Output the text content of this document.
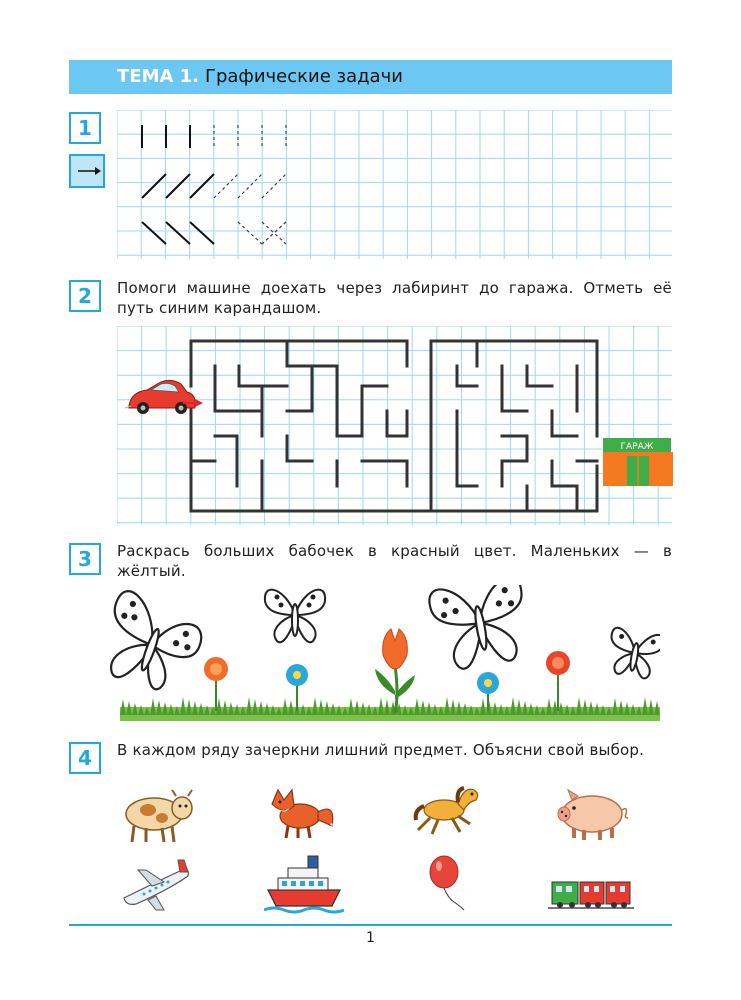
ТЕМА 1. Графические задачи
1
2	Помоги машине доехать через лабиринт до гаража. Отметь её путь синим карандашом.
ГАРАЖ
3	Раскрась больших бабочек в красный цвет. Маленьких — в жёлтый.
4	В каждом ряду зачеркни лишний предмет. Объясни свой выбор.
1
